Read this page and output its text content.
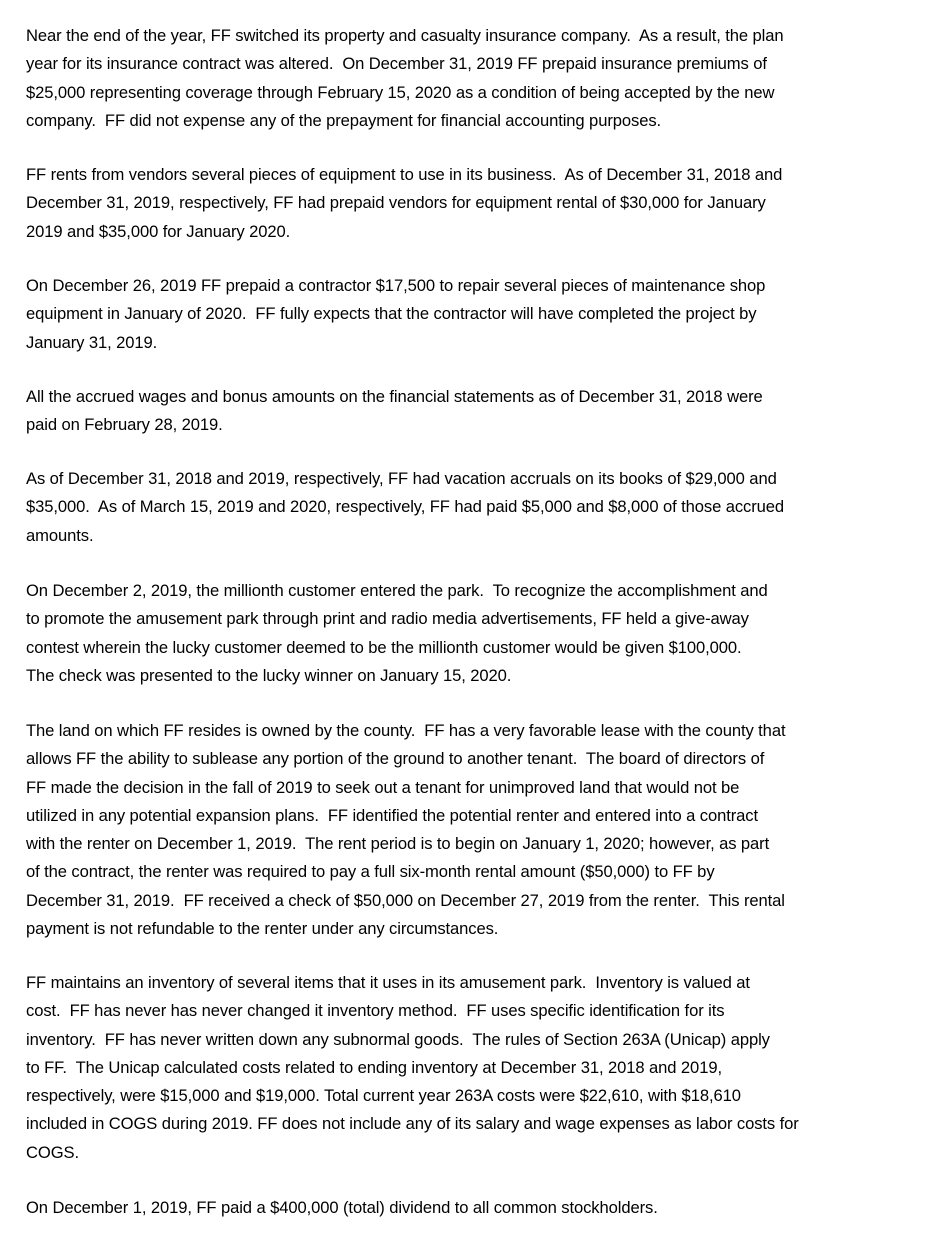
Near the end of the year, FF switched its property and casualty insurance company.  As a result, the plan
year for its insurance contract was altered.  On December 31, 2019 FF prepaid insurance premiums of
$25,000 representing coverage through February 15, 2020 as a condition of being accepted by the new
company.  FF did not expense any of the prepayment for financial accounting purposes.
FF rents from vendors several pieces of equipment to use in its business.  As of December 31, 2018 and
December 31, 2019, respectively, FF had prepaid vendors for equipment rental of $30,000 for January
2019 and $35,000 for January 2020.
On December 26, 2019 FF prepaid a contractor $17,500 to repair several pieces of maintenance shop
equipment in January of 2020.  FF fully expects that the contractor will have completed the project by
January 31, 2019.
All the accrued wages and bonus amounts on the financial statements as of December 31, 2018 were
paid on February 28, 2019.
As of December 31, 2018 and 2019, respectively, FF had vacation accruals on its books of $29,000 and
$35,000.  As of March 15, 2019 and 2020, respectively, FF had paid $5,000 and $8,000 of those accrued
amounts.
On December 2, 2019, the millionth customer entered the park.  To recognize the accomplishment and
to promote the amusement park through print and radio media advertisements, FF held a give-away
contest wherein the lucky customer deemed to be the millionth customer would be given $100,000.
The check was presented to the lucky winner on January 15, 2020.
The land on which FF resides is owned by the county.  FF has a very favorable lease with the county that
allows FF the ability to sublease any portion of the ground to another tenant.  The board of directors of
FF made the decision in the fall of 2019 to seek out a tenant for unimproved land that would not be
utilized in any potential expansion plans.  FF identified the potential renter and entered into a contract
with the renter on December 1, 2019.  The rent period is to begin on January 1, 2020; however, as part
of the contract, the renter was required to pay a full six-month rental amount ($50,000) to FF by
December 31, 2019.  FF received a check of $50,000 on December 27, 2019 from the renter.  This rental
payment is not refundable to the renter under any circumstances.
FF maintains an inventory of several items that it uses in its amusement park.  Inventory is valued at
cost.  FF has never has never changed it inventory method.  FF uses specific identification for its
inventory.  FF has never written down any subnormal goods.  The rules of Section 263A (Unicap) apply
to FF.  The Unicap calculated costs related to ending inventory at December 31, 2018 and 2019,
respectively, were $15,000 and $19,000. Total current year 263A costs were $22,610, with $18,610
included in COGS during 2019. FF does not include any of its salary and wage expenses as labor costs for
COGS.
On December 1, 2019, FF paid a $400,000 (total) dividend to all common stockholders.
